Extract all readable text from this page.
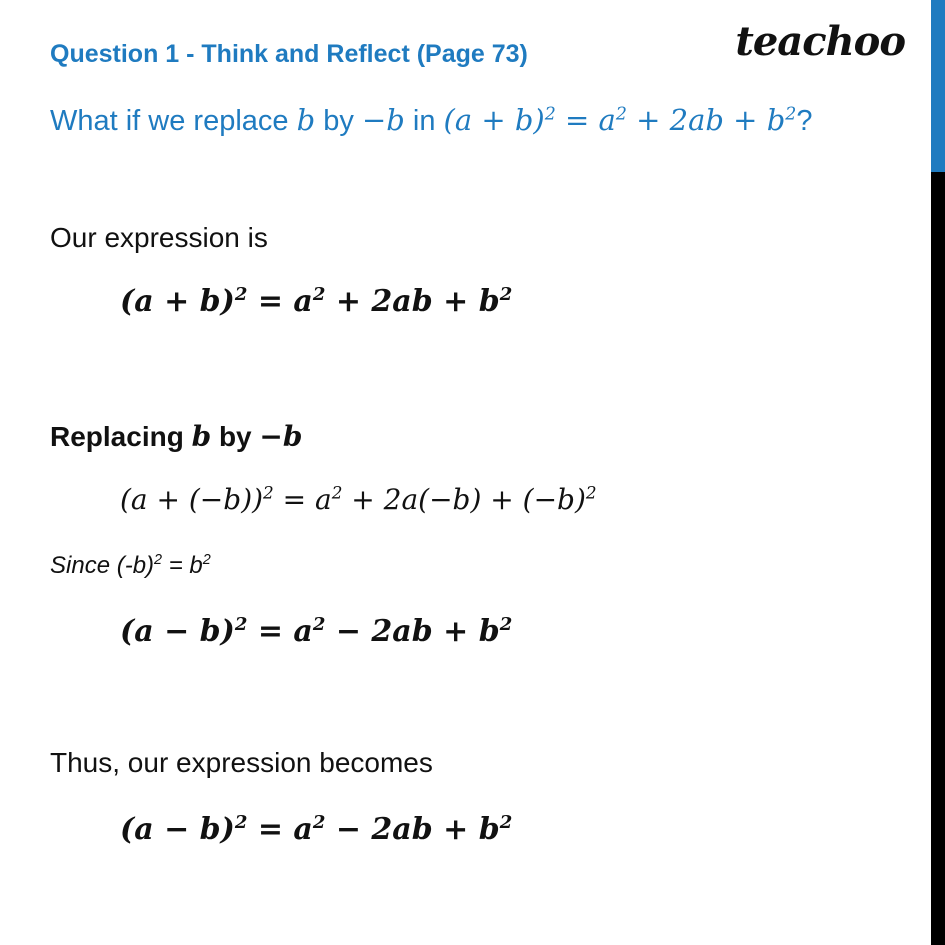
Question 1 - Think and Reflect (Page 73)	teachoo
What if we replace b by −b in $(a + b)^2 = a^2 + 2ab + b^2$?
Our expression is
$(a + b)^2 = a^2 + 2ab + b^2$
Replacing b by −b
$(a + (-b))^2 = a^2 + 2a(-b) + (-b)^2$
Since $(-b)^2 = b^2$
$(a - b)^2 = a^2 - 2ab + b^2$
Thus, our expression becomes
$(a - b)^2 = a^2 - 2ab + b^2$
